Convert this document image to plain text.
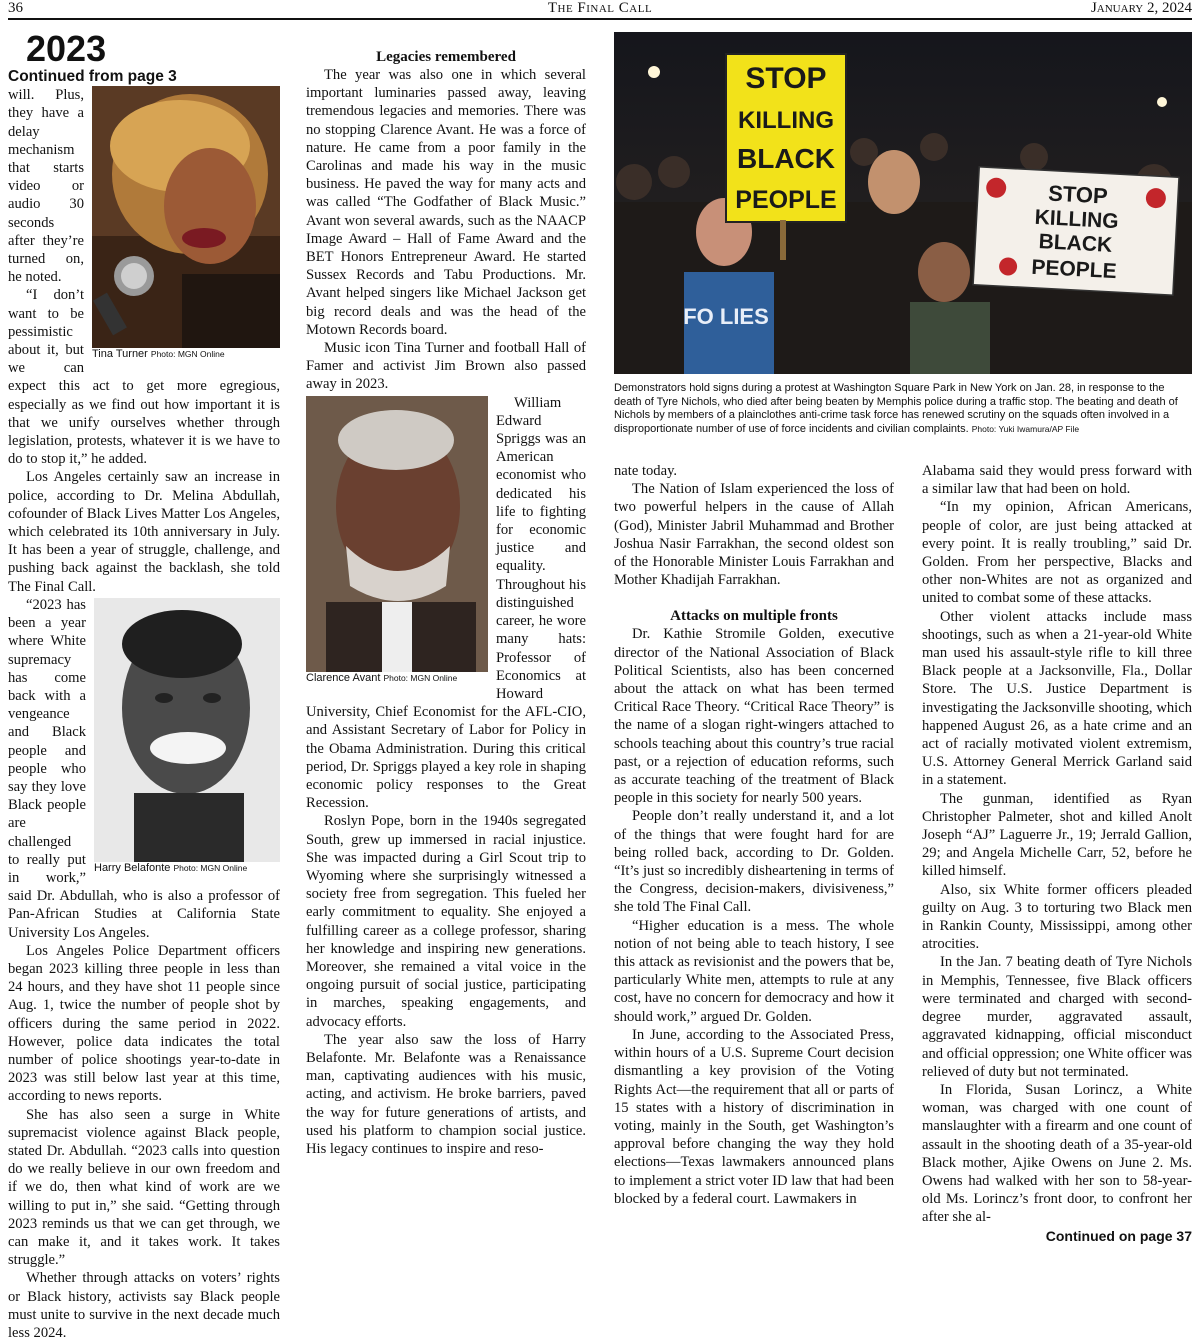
36	The Final Call	January 2, 2024

2023

Continued from page 3

Tina Turner Photo: MGN Online

will. Plus, they have a delay mechanism that starts video or audio 30 seconds after they’re turned on, he noted.

“I don’t want to be pessimistic about it, but we can expect this act to get more egregious, especially as we find out how important it is that we unify ourselves whether through legislation, protests, whatever it is we have to do to stop it,” he added.

Los Angeles certainly saw an increase in police, according to Dr. Melina Abdullah, cofounder of Black Lives Matter Los Angeles, which celebrated its 10th anniversary in July. It has been a year of struggle, challenge, and pushing back against the backlash, she told The Final Call.

Harry Belafonte Photo: MGN Online

“2023 has been a year where White supremacy has come back with a vengeance and Black people and people who say they love Black people are challenged to really put in work,” said Dr. Abdullah, who is also a professor of Pan-African Studies at California State University Los Angeles.

Los Angeles Police Department officers began 2023 killing three people in less than 24 hours, and they have shot 11 people since Aug. 1, twice the number of people shot by officers during the same period in 2022. However, police data indicates the total number of police shootings year-to-date in 2023 was still below last year at this time, according to news reports.

She has also seen a surge in White supremacist violence against Black people, stated Dr. Abdullah. “2023 calls into question do we really believe in our own freedom and if we do, then what kind of work are we willing to put in,” she said. “Getting through 2023 reminds us that we can get through, we can make it, and it takes work. It takes struggle.”

Whether through attacks on voters’ rights or Black history, activists say Black people must unite to survive in the next decade much less 2024.

Legacies remembered

The year was also one in which several important luminaries passed away, leaving tremendous legacies and memories. There was no stopping Clarence Avant. He was a force of nature. He came from a poor family in the Carolinas and made his way in the music business. He paved the way for many acts and was called “The Godfather of Black Music.” Avant won several awards, such as the NAACP Image Award – Hall of Fame Award and the BET Honors Entrepreneur Award. He started Sussex Records and Tabu Productions. Mr. Avant helped singers like Michael Jackson get big record deals and was the head of the Motown Records board.

Music icon Tina Turner and football Hall of Famer and activist Jim Brown also passed away in 2023.

Clarence Avant Photo: MGN Online

William Edward Spriggs was an American economist who dedicated his life to fighting for economic justice and equality. Throughout his distinguished career, he wore many hats: Professor of Economics at Howard University, Chief Economist for the AFL-CIO, and Assistant Secretary of Labor for Policy in the Obama Administration. During this critical period, Dr. Spriggs played a key role in shaping economic policy responses to the Great Recession.

Roslyn Pope, born in the 1940s segregated South, grew up immersed in racial injustice. She was impacted during a Girl Scout trip to Wyoming where she surprisingly witnessed a society free from segregation. This fueled her early commitment to equality. She enjoyed a fulfilling career as a college professor, sharing her knowledge and inspiring new generations. Moreover, she remained a vital voice in the ongoing pursuit of social justice, participating in marches, speaking engagements, and advocacy efforts.

The year also saw the loss of Harry Belafonte. Mr. Belafonte was a Renaissance man, captivating audiences with his music, acting, and activism. He broke barriers, paved the way for future generations of artists, and used his platform to champion social justice. His legacy continues to inspire and reso-

STOP
KILLING
BLACK
PEOPLE	STOP
KILLING
BLACK
PEOPLE
FO LIES
Demonstrators hold signs during a protest at Washington Square Park in New York on Jan. 28, in response to the death of Tyre Nichols, who died after being beaten by Memphis police during a traffic stop. The beating and death of Nichols by members of a plainclothes anti-crime task force has renewed scrutiny on the squads often involved in a disproportionate number of use of force incidents and civilian complaints. Photo: Yuki Iwamura/AP File

nate today.

The Nation of Islam experienced the loss of two powerful helpers in the cause of Allah (God), Minister Jabril Muhammad and Brother Joshua Nasir Farrakhan, the second oldest son of the Honorable Minister Louis Farrakhan and Mother Khadijah Farrakhan.

Attacks on multiple fronts

Dr. Kathie Stromile Golden, executive director of the National Association of Black Political Scientists, also has been concerned about the attack on what has been termed Critical Race Theory. “Critical Race Theory” is the name of a slogan right-wingers attached to schools teaching about this country’s true racial past, or a rejection of education reforms, such as accurate teaching of the treatment of Black people in this society for nearly 500 years.

People don’t really understand it, and a lot of the things that were fought hard for are being rolled back, according to Dr. Golden. “It’s just so incredibly disheartening in terms of the Congress, decision-makers, divisiveness,” she told The Final Call.

“Higher education is a mess. The whole notion of not being able to teach history, I see this attack as revisionist and the powers that be, particularly White men, attempts to rule at any cost, have no concern for democracy and how it should work,” argued Dr. Golden.

In June, according to the Associated Press, within hours of a U.S. Supreme Court decision dismantling a key provision of the Voting Rights Act—the requirement that all or parts of 15 states with a history of discrimination in voting, mainly in the South, get Washington’s approval before changing the way they hold elections—Texas lawmakers announced plans to implement a strict voter ID law that had been blocked by a federal court. Lawmakers in

Alabama said they would press forward with a similar law that had been on hold.

“In my opinion, African Americans, people of color, are just being attacked at every point. It is really troubling,” said Dr. Golden. From her perspective, Blacks and other non-Whites are not as organized and united to combat some of these attacks.

Other violent attacks include mass shootings, such as when a 21-year-old White man used his assault-style rifle to kill three Black people at a Jacksonville, Fla., Dollar Store. The U.S. Justice Department is investigating the Jacksonville shooting, which happened August 26, as a hate crime and an act of racially motivated violent extremism, U.S. Attorney General Merrick Garland said in a statement.

The gunman, identified as Ryan Christopher Palmeter, shot and killed Anolt Joseph “AJ” Laguerre Jr., 19; Jerrald Gallion, 29; and Angela Michelle Carr, 52, before he killed himself.

Also, six White former officers pleaded guilty on Aug. 3 to torturing two Black men in Rankin County, Mississippi, among other atrocities.

In the Jan. 7 beating death of Tyre Nichols in Memphis, Tennessee, five Black officers were terminated and charged with second-degree murder, aggravated assault, aggravated kidnapping, official misconduct and official oppression; one White officer was relieved of duty but not terminated.

In Florida, Susan Lorincz, a White woman, was charged with one count of manslaughter with a firearm and one count of assault in the shooting death of a 35-year-old Black mother, Ajike Owens on June 2. Ms. Owens had walked with her son to 58-year-old Ms. Lorincz’s front door, to confront her after she al-

Continued on page 37
